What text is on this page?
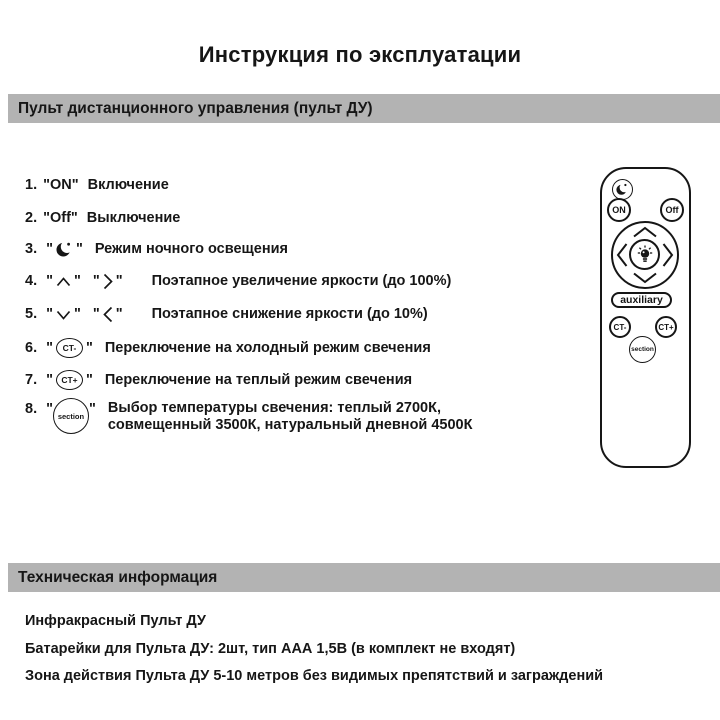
Инструкция по эксплуатации
Пульт дистанционного управления (пульт ДУ)
1. "ON" Включение
2. "Off" Выключение
3. " " Режим ночного освещения
4. " " " " Поэтапное увеличение яркости (до 100%)
5. " " " " Поэтапное снижение яркости (до 10%)
6. "	CT- " Переключение на холодный режим свечения
7. " CT+ " Переключение на теплый режим свечения
8. " section " Выбор температуры свечения: теплый 2700К,
совмещенный 3500К, натуральный дневной 4500К
ON	Off
auxiliary
CT-	CT+
section
Техническая информация
Инфракрасный Пульт ДУ
Батарейки для Пульта ДУ: 2шт, тип ААА 1,5В (в комплект не входят)
Зона действия Пульта ДУ 5-10 метров без видимых препятствий и заграждений
